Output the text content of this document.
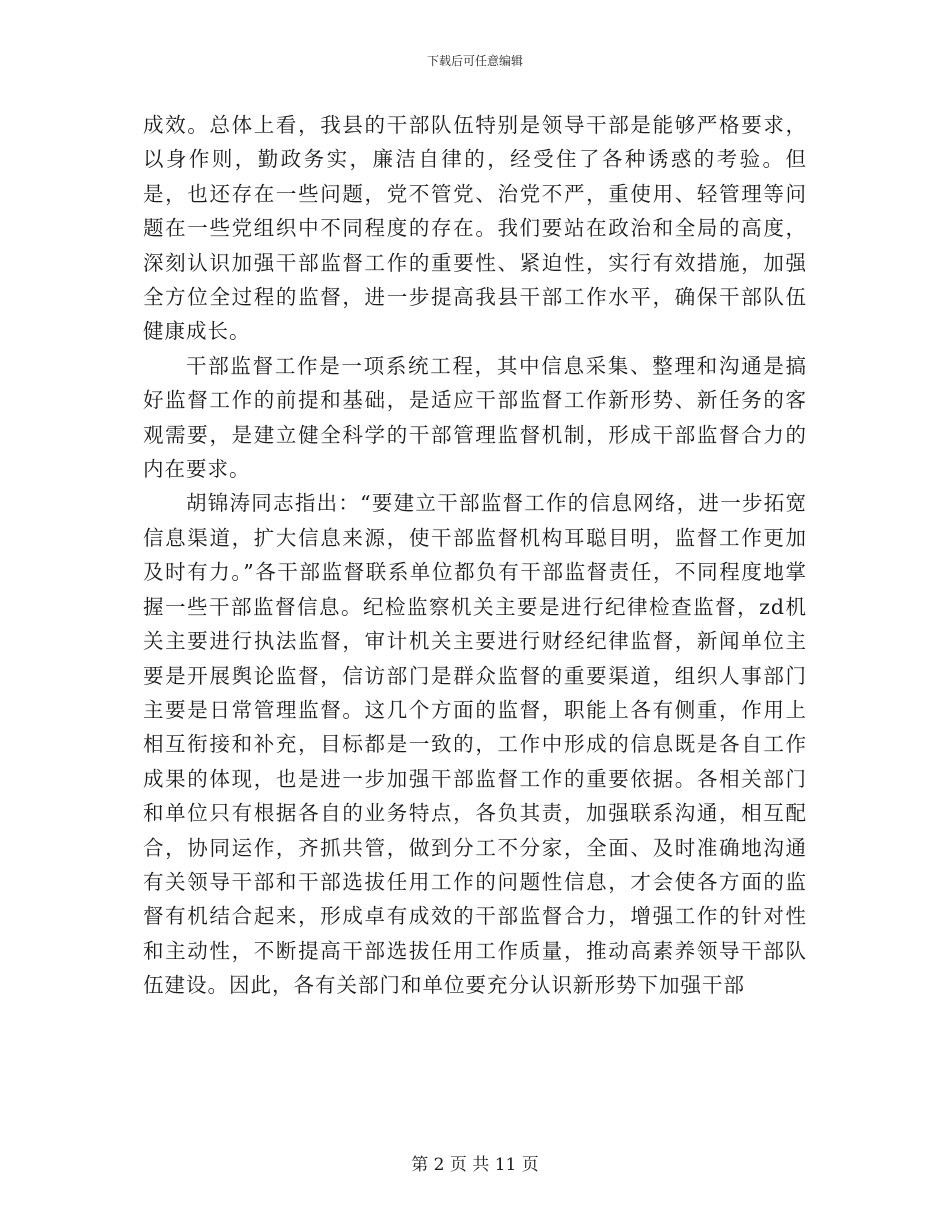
下载后可任意编辑

成效。总体上看，我县的干部队伍特别是领导干部是能够严格要求，以身作则，勤政务实，廉洁自律的，经受住了各种诱惑的考验。但是，也还存在一些问题，党不管党、治党不严，重使用、轻管理等问题在一些党组织中不同程度的存在。我们要站在政治和全局的高度，深刻认识加强干部监督工作的重要性、紧迫性，实行有效措施，加强全方位全过程的监督，进一步提高我县干部工作水平，确保干部队伍健康成长。

干部监督工作是一项系统工程，其中信息采集、整理和沟通是搞好监督工作的前提和基础，是适应干部监督工作新形势、新任务的客观需要，是建立健全科学的干部管理监督机制，形成干部监督合力的内在要求。

胡锦涛同志指出：“要建立干部监督工作的信息网络，进一步拓宽信息渠道，扩大信息来源，使干部监督机构耳聪目明，监督工作更加及时有力。”各干部监督联系单位都负有干部监督责任，不同程度地掌握一些干部监督信息。纪检监察机关主要是进行纪律检查监督，zd机关主要进行执法监督，审计机关主要进行财经纪律监督，新闻单位主要是开展舆论监督，信访部门是群众监督的重要渠道，组织人事部门主要是日常管理监督。这几个方面的监督，职能上各有侧重，作用上相互衔接和补充，目标都是一致的，工作中形成的信息既是各自工作成果的体现，也是进一步加强干部监督工作的重要依据。各相关部门和单位只有根据各自的业务特点，各负其责，加强联系沟通，相互配合，协同运作，齐抓共管，做到分工不分家，全面、及时准确地沟通有关领导干部和干部选拔任用工作的问题性信息，才会使各方面的监督有机结合起来，形成卓有成效的干部监督合力，增强工作的针对性和主动性，不断提高干部选拔任用工作质量，推动高素养领导干部队伍建设。因此，各有关部门和单位要充分认识新形势下加强干部

第 2 页 共 11 页
